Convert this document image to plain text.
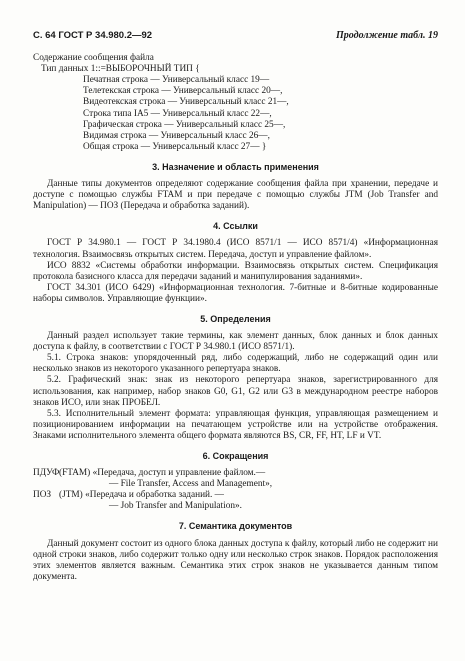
С. 64 ГОСТ Р 34.980.2—92	Продолжение табл. 19
Содержание сообщения файла
Тип данных 1::=ВЫБОРОЧНЫЙ ТИП {
Печатная строка — Универсальный класс 19—
Телетекская строка — Универсальный класс 20—,
Видеотекская строка — Универсальный класс 21—,
Строка типа IA5 — Универсальный класс 22—,
Графическая строка — Универсальный класс 25—,
Видимая строка — Универсальный класс 26—,
Общая строка — Универсальный класс 27— }
3. Назначение и область применения

Данные типы документов определяют содержание сообщения файла при хранении, передаче и доступе с помощью службы FTAM и при передаче с помощью службы JTM (Job Transfer and Manipulation) — ПОЗ (Передача и обработка заданий).

4. Ссылки

ГОСТ Р 34.980.1 — ГОСТ Р 34.1980.4 (ИСО 8571/1 — ИСО 8571/4) «Информационная технология. Взаимосвязь открытых систем. Передача, доступ и управление файлом».

ИСО 8832 «Системы обработки информации. Взаимосвязь открытых систем. Спецификация протокола базисного класса для передачи заданий и манипулирования заданиями».

ГОСТ 34.301 (ИСО 6429) «Информационная технология. 7-битные и 8-битные кодированные наборы символов. Управляющие функции».

5. Определения

Данный раздел использует такие термины, как элемент данных, блок данных и блок данных доступа к файлу, в соответствии с ГОСТ Р 34.980.1 (ИСО 8571/1).

5.1. Строка знаков: упорядоченный ряд, либо содержащий, либо не содержащий один или несколько знаков из некоторого указанного репертуара знаков.

5.2. Графический знак: знак из некоторого репертуара знаков, зарегистрированного для использования, как например, набор знаков G0, G1, G2 или G3 в международном реестре наборов знаков ИСО, или знак ПРОБЕЛ.

5.3. Исполнительный элемент формата: управляющая функция, управляющая размещением и позиционированием информации на печатающем устройстве или на устройстве отображения. Знаками исполнительного элемента общего формата являются BS, CR, FF, HT, LF и VT.

6. Сокращения
ПДУФ (FTAM) «Передача, доступ и управление файлом.—
— File Transfer, Access and Management»,
ПОЗ (JTM) «Передача и обработка заданий. —
— Job Transfer and Manipulation».
7. Семантика документов

Данный документ состоит из одного блока данных доступа к файлу, который либо не содержит ни одной строки знаков, либо содержит только одну или несколько строк знаков. Порядок расположения этих элементов является важным. Семантика этих строк знаков не указывается данным типом документа.
